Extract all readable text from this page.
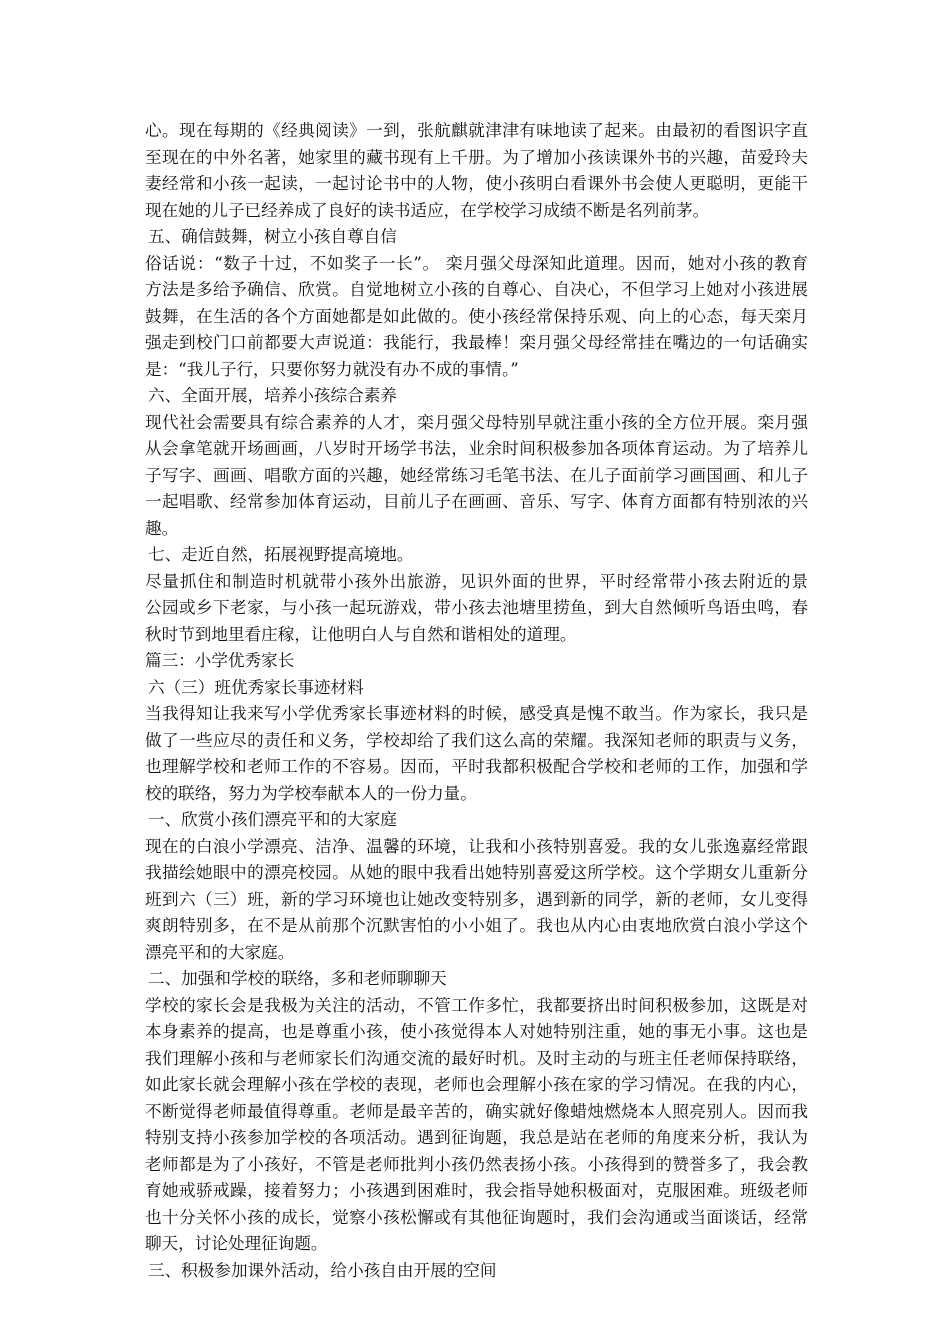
心。现在每期的《经典阅读》一到，张航麒就津津有味地读了起来。由最初的看图识字直
至现在的中外名著，她家里的藏书现有上千册。为了增加小孩读课外书的兴趣，苗爱玲夫
妻经常和小孩一起读，一起讨论书中的人物，使小孩明白看课外书会使人更聪明，更能干
现在她的儿子已经养成了良好的读书适应，在学校学习成绩不断是名列前茅。
五、确信鼓舞，树立小孩自尊自信
俗话说：“数子十过，不如奖子一长”。 栾月强父母深知此道理。因而，她对小孩的教育
方法是多给予确信、欣赏。自觉地树立小孩的自尊心、自决心，不但学习上她对小孩进展
鼓舞，在生活的各个方面她都是如此做的。使小孩经常保持乐观、向上的心态，每天栾月
强走到校门口前都要大声说道：我能行，我最棒！栾月强父母经常挂在嘴边的一句话确实
是：“我儿子行，只要你努力就没有办不成的事情。”
六、全面开展，培养小孩综合素养
现代社会需要具有综合素养的人才，栾月强父母特别早就注重小孩的全方位开展。栾月强
从会拿笔就开场画画，八岁时开场学书法，业余时间积极参加各项体育运动。为了培养儿
子写字、画画、唱歌方面的兴趣，她经常练习毛笔书法、在儿子面前学习画国画、和儿子
一起唱歌、经常参加体育运动，目前儿子在画画、音乐、写字、体育方面都有特别浓的兴
趣。
七、走近自然，拓展视野提高境地。
尽量抓住和制造时机就带小孩外出旅游，见识外面的世界，平时经常带小孩去附近的景
公园或乡下老家，与小孩一起玩游戏，带小孩去池塘里捞鱼，到大自然倾听鸟语虫鸣，春
秋时节到地里看庄稼，让他明白人与自然和谐相处的道理。
篇三：小学优秀家长
六（三）班优秀家长事迹材料
当我得知让我来写小学优秀家长事迹材料的时候，感受真是愧不敢当。作为家长，我只是
做了一些应尽的责任和义务，学校却给了我们这么高的荣耀。我深知老师的职责与义务，
也理解学校和老师工作的不容易。因而，平时我都积极配合学校和老师的工作，加强和学
校的联络，努力为学校奉献本人的一份力量。
一、欣赏小孩们漂亮平和的大家庭
现在的白浪小学漂亮、洁净、温馨的环境，让我和小孩特别喜爱。我的女儿张逸嘉经常跟
我描绘她眼中的漂亮校园。从她的眼中我看出她特别喜爱这所学校。这个学期女儿重新分
班到六（三）班，新的学习环境也让她改变特别多，遇到新的同学，新的老师，女儿变得
爽朗特别多，在不是从前那个沉默害怕的小小姐了。我也从内心由衷地欣赏白浪小学这个
漂亮平和的大家庭。
二、加强和学校的联络，多和老师聊聊天
学校的家长会是我极为关注的活动，不管工作多忙，我都要挤出时间积极参加，这既是对
本身素养的提高，也是尊重小孩，使小孩觉得本人对她特别注重，她的事无小事。这也是
我们理解小孩和与老师家长们沟通交流的最好时机。及时主动的与班主任老师保持联络，
如此家长就会理解小孩在学校的表现，老师也会理解小孩在家的学习情况。在我的内心，
不断觉得老师最值得尊重。老师是最辛苦的，确实就好像蜡烛燃烧本人照亮别人。因而我
特别支持小孩参加学校的各项活动。遇到征询题，我总是站在老师的角度来分析，我认为
老师都是为了小孩好，不管是老师批判小孩仍然表扬小孩。小孩得到的赞誉多了，我会教
育她戒骄戒躁，接着努力；小孩遇到困难时，我会指导她积极面对，克服困难。班级老师
也十分关怀小孩的成长，觉察小孩松懈或有其他征询题时，我们会沟通或当面谈话，经常
聊天，讨论处理征询题。
三、积极参加课外活动，给小孩自由开展的空间
